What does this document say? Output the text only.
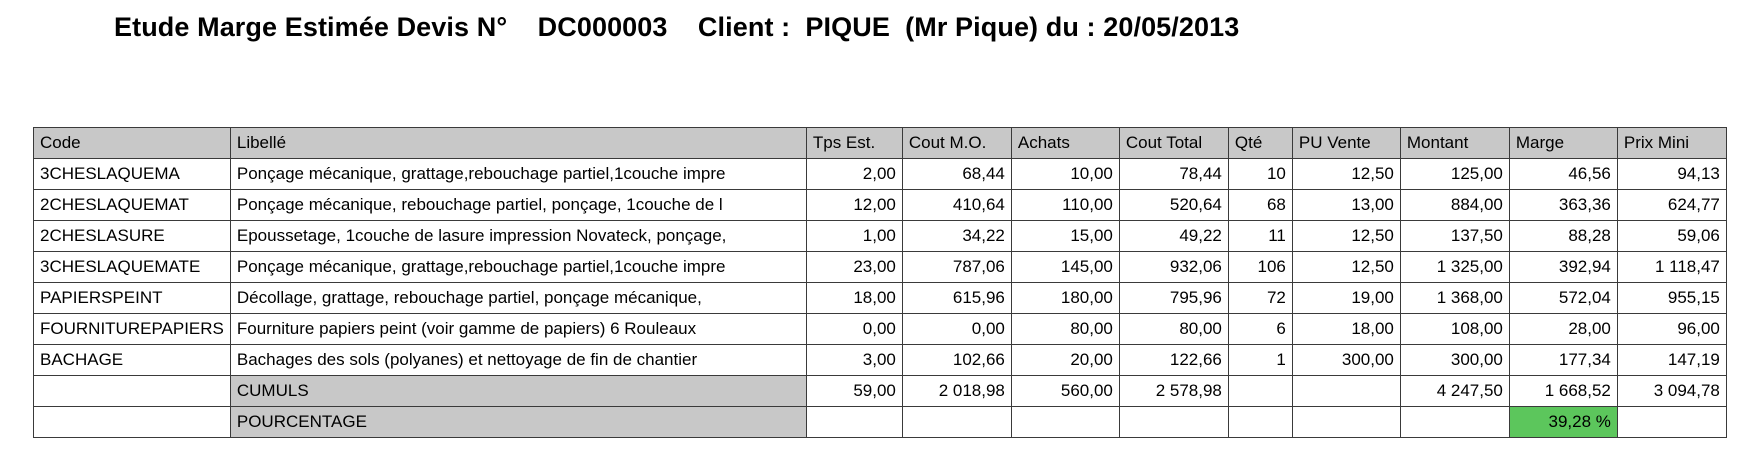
Etude Marge Estimée Devis N°    DC000003    Client :  PIQUE  (Mr Pique) du : 20/05/2013
Code	Libellé	Tps Est.	Cout M.O.	Achats	Cout Total	Qté	PU Vente	Montant	Marge	Prix Mini
3CHESLAQUEMA	Ponçage mécanique, grattage,rebouchage partiel,1couche impre	2,00	68,44	10,00	78,44	10	12,50	125,00	46,56	94,13
2CHESLAQUEMAT	Ponçage mécanique, rebouchage partiel, ponçage, 1couche de l	12,00	410,64	110,00	520,64	68	13,00	884,00	363,36	624,77
2CHESLASURE	Epoussetage, 1couche de lasure impression Novateck, ponçage,	1,00	34,22	15,00	49,22	11	12,50	137,50	88,28	59,06
3CHESLAQUEMATE	Ponçage mécanique, grattage,rebouchage partiel,1couche impre	23,00	787,06	145,00	932,06	106	12,50	1 325,00	392,94	1 118,47
PAPIERSPEINT	Décollage, grattage, rebouchage partiel, ponçage mécanique,	18,00	615,96	180,00	795,96	72	19,00	1 368,00	572,04	955,15
FOURNITUREPAPIERS	Fourniture papiers peint (voir gamme de papiers) 6 Rouleaux	0,00	0,00	80,00	80,00	6	18,00	108,00	28,00	96,00
BACHAGE	Bachages des sols (polyanes) et nettoyage de fin de chantier	3,00	102,66	20,00	122,66	1	300,00	300,00	177,34	147,19
	CUMULS	59,00	2 018,98	560,00	2 578,98			4 247,50	1 668,52	3 094,78
	POURCENTAGE								39,28 %	
